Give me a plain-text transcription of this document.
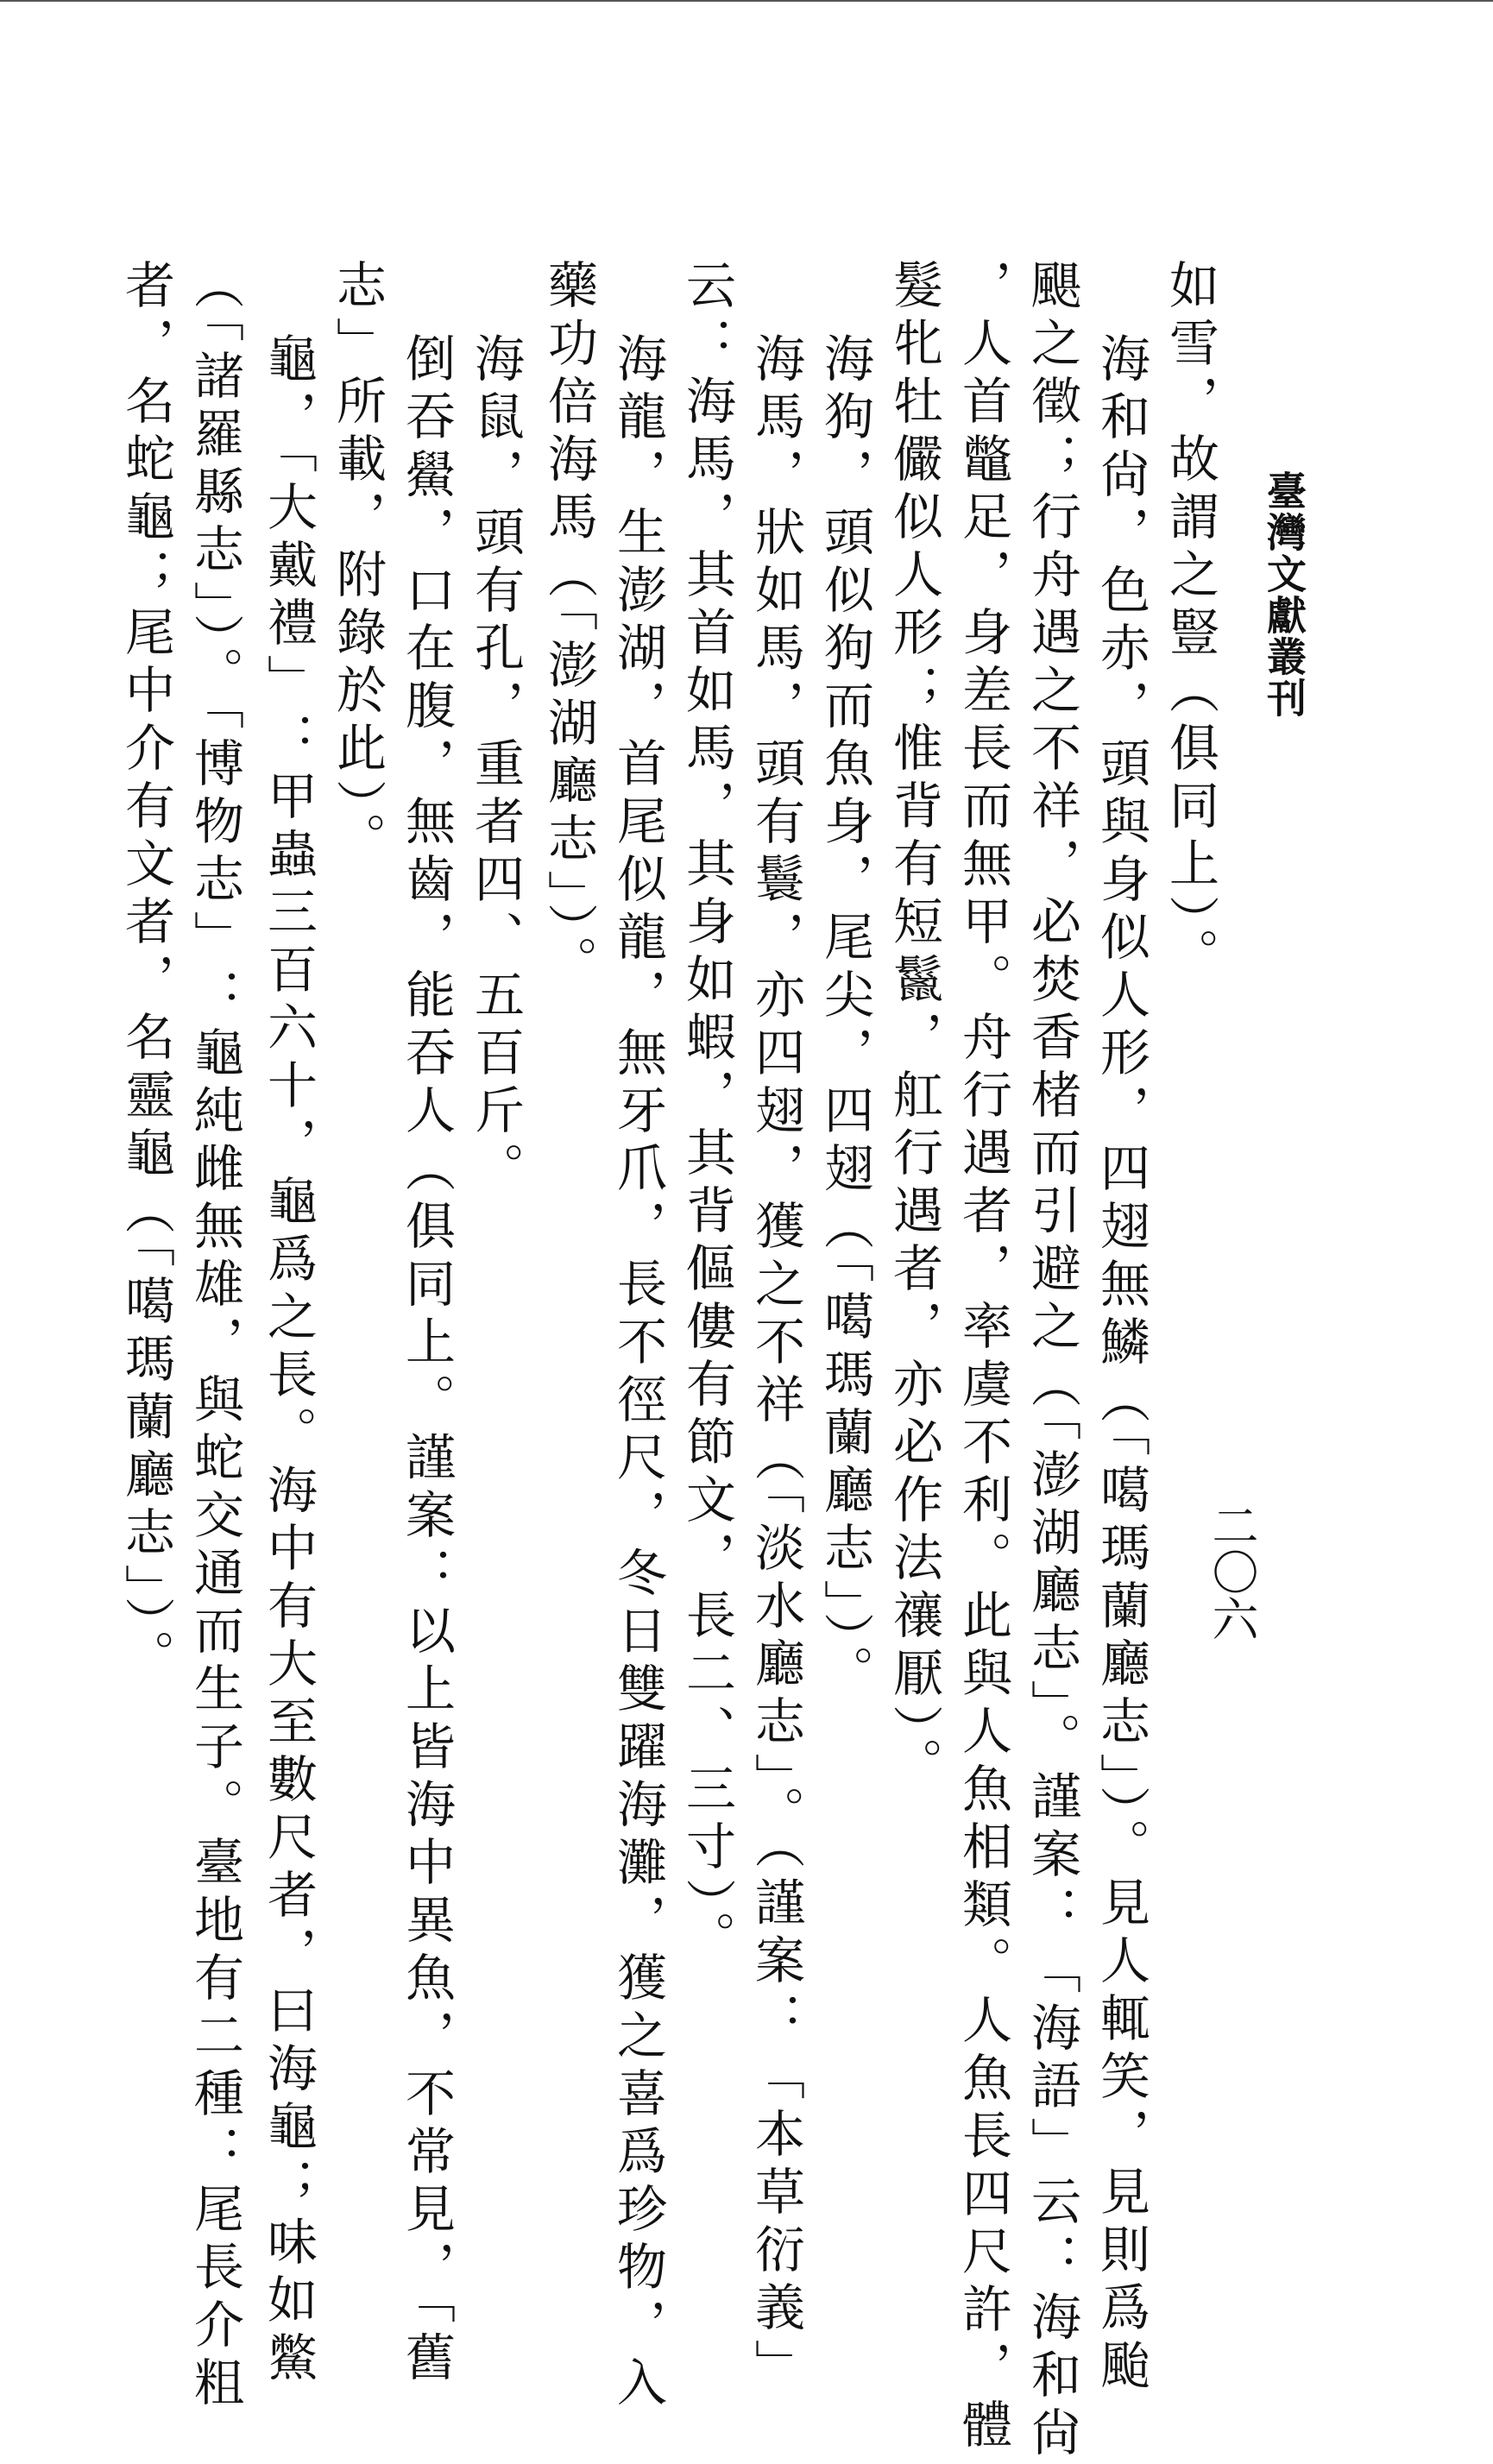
臺灣文獻叢刊
二〇六
如雪，故謂之豎（俱同上）。
海和尙，色赤，頭與身似人形，四翅無鱗（「噶瑪蘭廳志」）。見人輒笑，見則爲颱
颶之徵；行舟遇之不祥，必焚香楮而引避之（「澎湖廳志」。謹案：「海語」云：海和尙
，人首鼈足，身差長而無甲。舟行遇者，率虞不利。此與人魚相類。人魚長四尺許，體
髮牝牡儼似人形；惟背有短鬣，舡行遇者，亦必作法禳厭）。
海狗，頭似狗而魚身，尾尖，四翅（「噶瑪蘭廳志」）。
海馬，狀如馬，頭有鬟，亦四翅，獲之不祥（「淡水廳志」。（謹案：「本草衍義」
云：海馬，其首如馬，其身如蝦，其背傴僂有節文，長二、三寸）。
海龍，生澎湖，首尾似龍，無牙爪，長不徑尺，冬日雙躍海灘，獲之喜爲珍物，入
藥功倍海馬（「澎湖廳志」）。
海鼠，頭有孔，重者四、五百斤。
倒吞鱟，口在腹，無齒，能吞人（俱同上。謹案：以上皆海中異魚，不常見，「舊
志」所載，附錄於此）。
龜，「大戴禮」：甲蟲三百六十，龜爲之長。海中有大至數尺者，曰海龜；味如鱉
（「諸羅縣志」）。「博物志」：龜純雌無雄，與蛇交通而生子。臺地有二種：尾長介粗
者，名蛇龜；尾中介有文者，名靈龜（「噶瑪蘭廳志」）。
